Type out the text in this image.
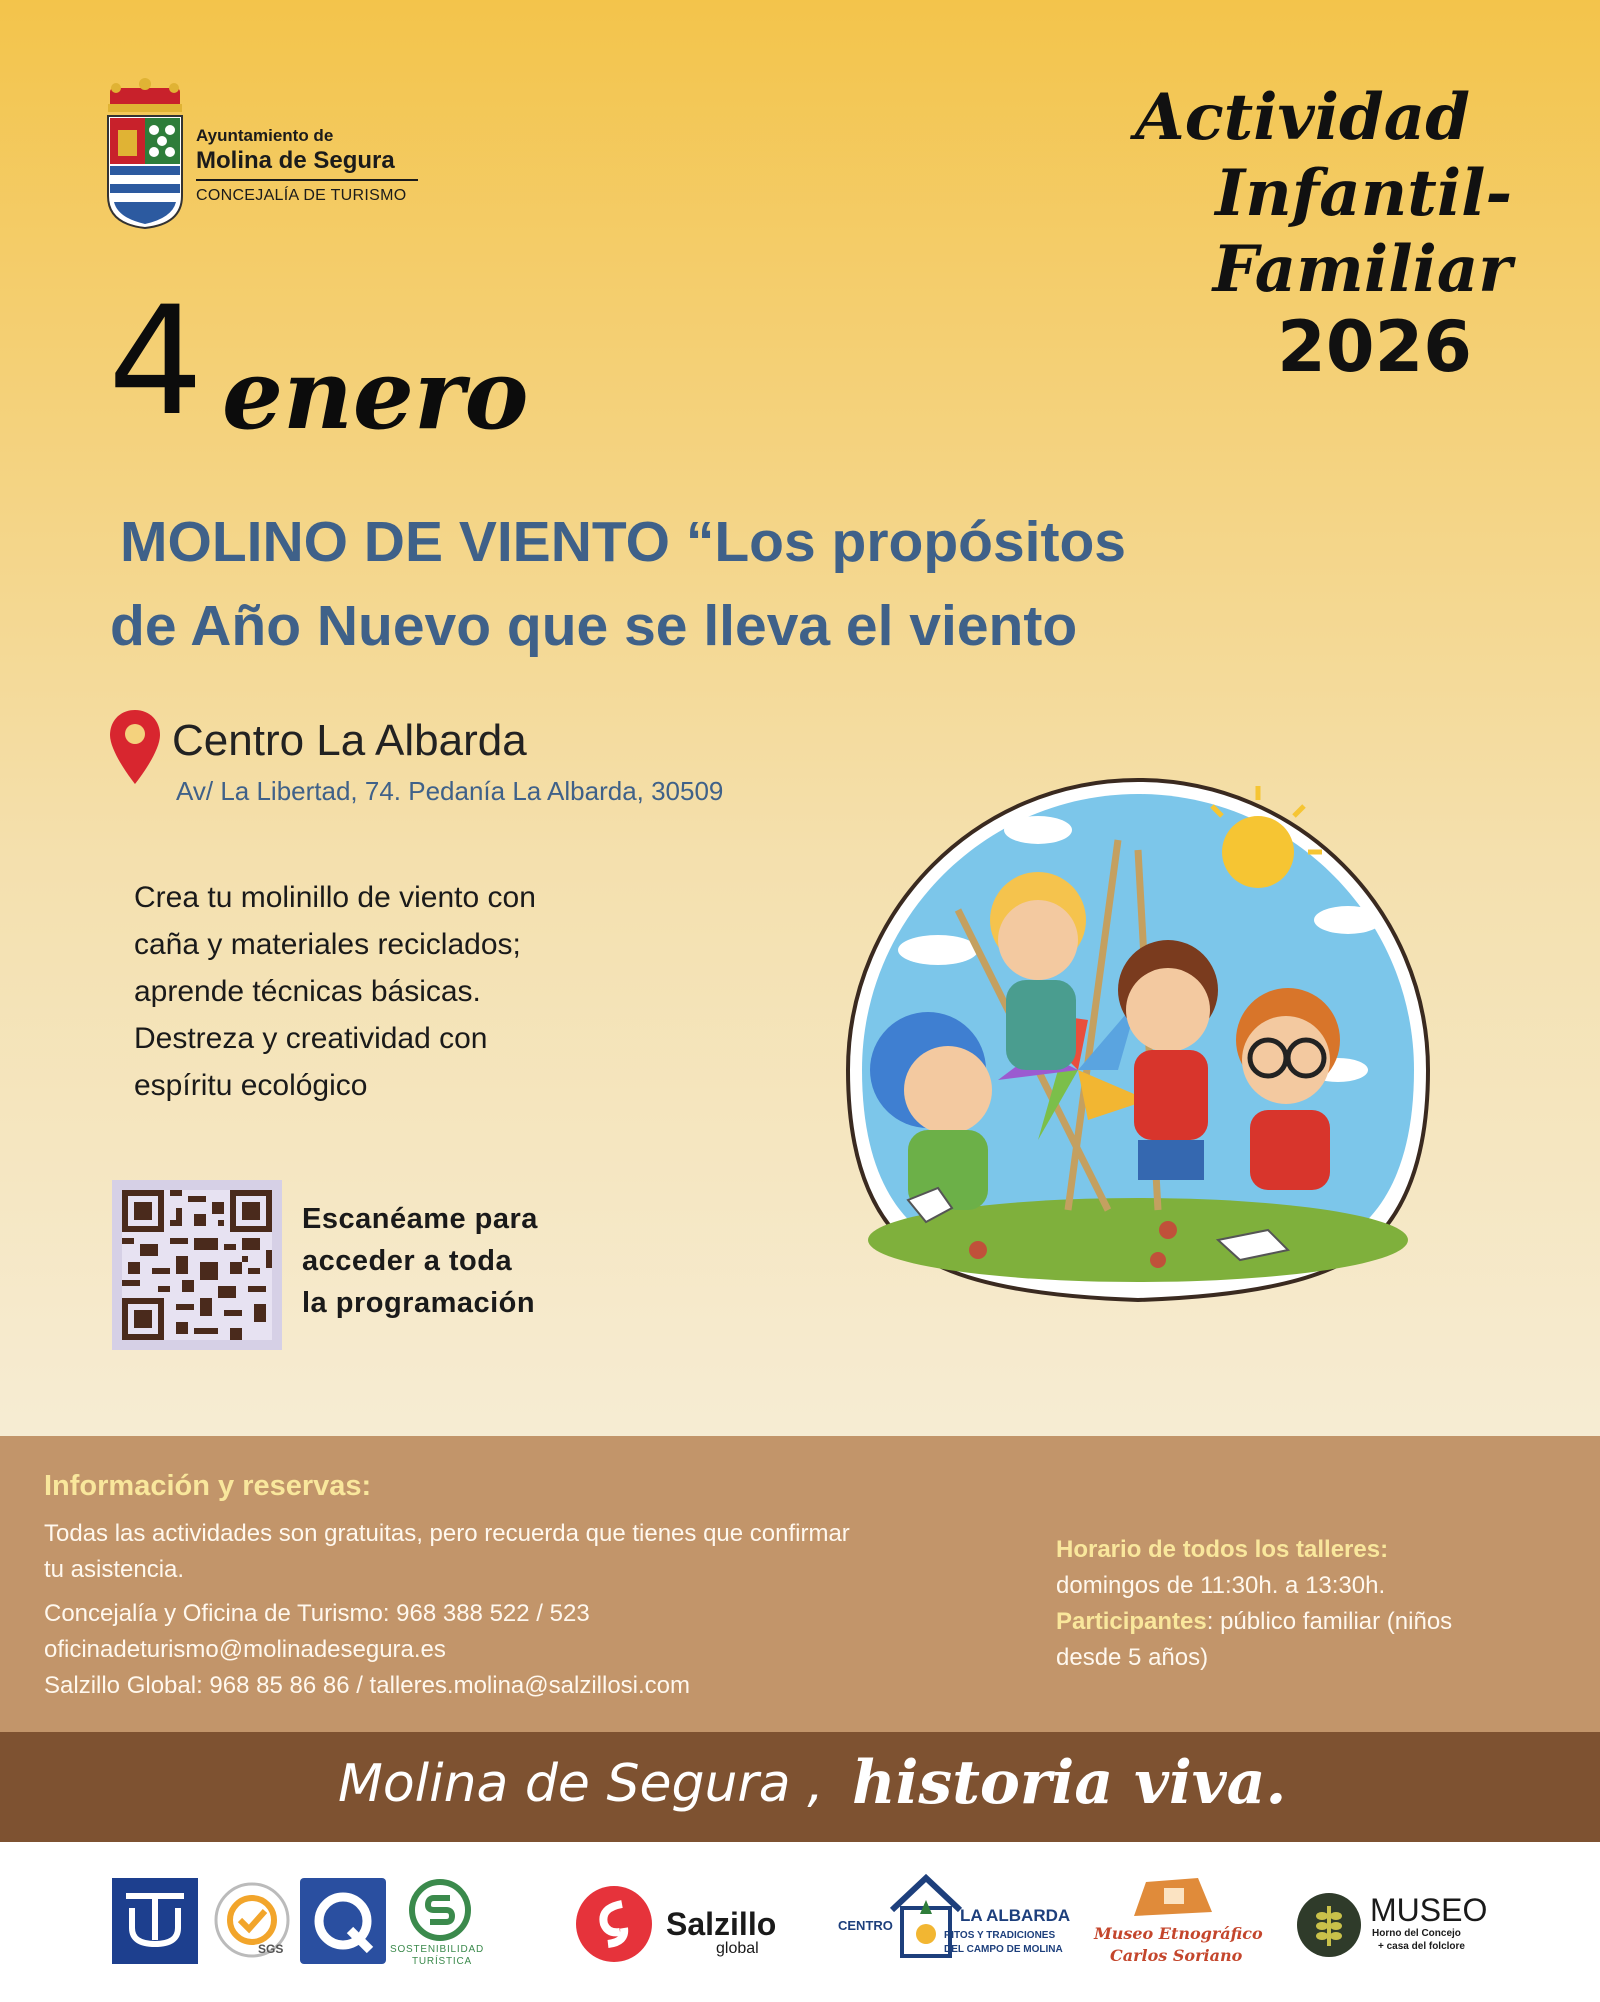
Ayuntamiento de
Molina de Segura
CONCEJALÍA DE TURISMO
Actividad
Infantil-Familiar
2026
4 enero
MOLINO DE VIENTO “Los propósitos
de Año Nuevo que se lleva el viento
Centro La Albarda
Av/ La Libertad, 74. Pedanía La Albarda, 30509
Crea tu molinillo de viento con
caña y materiales reciclados;
aprende técnicas básicas.
Destreza y creatividad con
espíritu ecológico
Escanéame para
acceder a toda
la programación
Información y reservas:

Todas las actividades son gratuitas, pero recuerda que tienes que confirmar

tu asistencia.

Concejalía y Oficina de Turismo: 968 388 522 / 523

oficinadeturismo@molinadesegura.es

Salzillo Global: 968 85 86 86 / talleres.molina@salzillosi.com

Horario de todos los talleres:
domingos de 11:30h. a 13:30h.
Participantes: público familiar (niños
desde 5 años)
Molina de Segura , historia viva.
SGS	SOSTENIBILIDAD
TURÍSTICA
Salzillo
global
CENTRO
LA ALBARDA
RITOS Y TRADICIONES
DEL CAMPO DE MOLINA
Museo Etnográfico
Carlos Soriano
MUSEO
Horno del Concejo
+ casa del folclore
